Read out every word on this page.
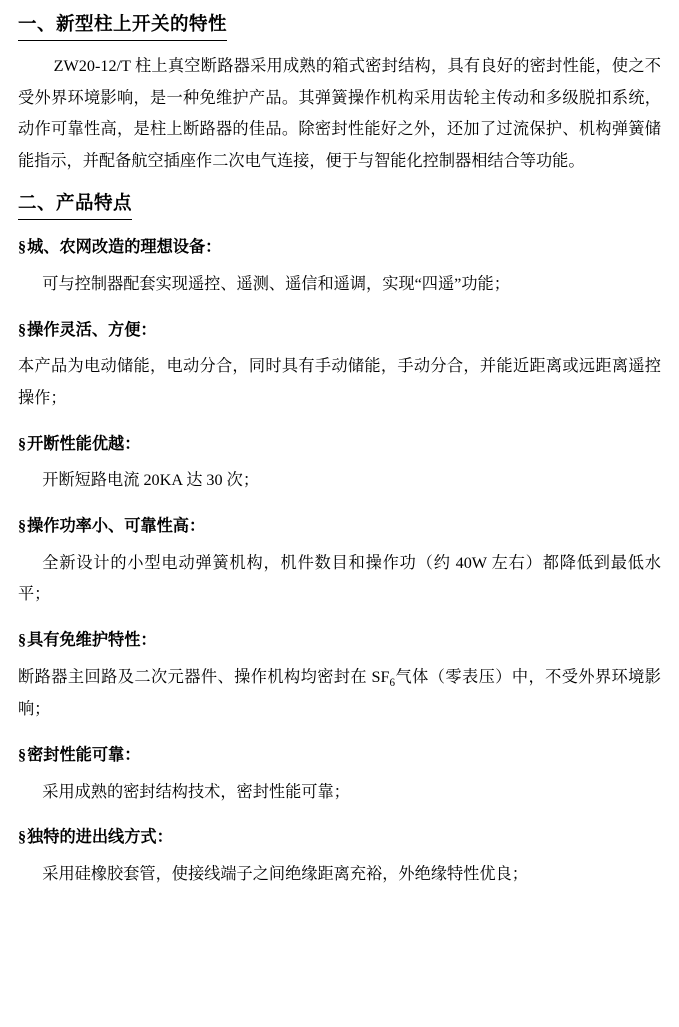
一、新型柱上开关的特性

ZW20-12/T 柱上真空断路器采用成熟的箱式密封结构，具有良好的密封性能，使之不受外界环境影响，是一种免维护产品。其弹簧操作机构采用齿轮主传动和多级脱扣系统，动作可靠性高，是柱上断路器的佳品。除密封性能好之外，还加了过流保护、机构弹簧储能指示，并配备航空插座作二次电气连接，便于与智能化控制器相结合等功能。

二、产品特点
§城、农网改造的理想设备：

可与控制器配套实现遥控、遥测、遥信和遥调，实现“四遥”功能；

§操作灵活、方便：

本产品为电动储能，电动分合，同时具有手动储能，手动分合，并能近距离或远距离遥控操作；

§开断性能优越：

开断短路电流 20KA 达 30 次；

§操作功率小、可靠性高：

全新设计的小型电动弹簧机构，机件数目和操作功（约 40W 左右）都降低到最低水平；

§具有免维护特性：

断路器主回路及二次元器件、操作机构均密封在 $SF_6$气体（零表压）中，不受外界环境影响；

§密封性能可靠：

采用成熟的密封结构技术，密封性能可靠；

§独特的进出线方式：

采用硅橡胶套管，使接线端子之间绝缘距离充裕，外绝缘特性优良；
